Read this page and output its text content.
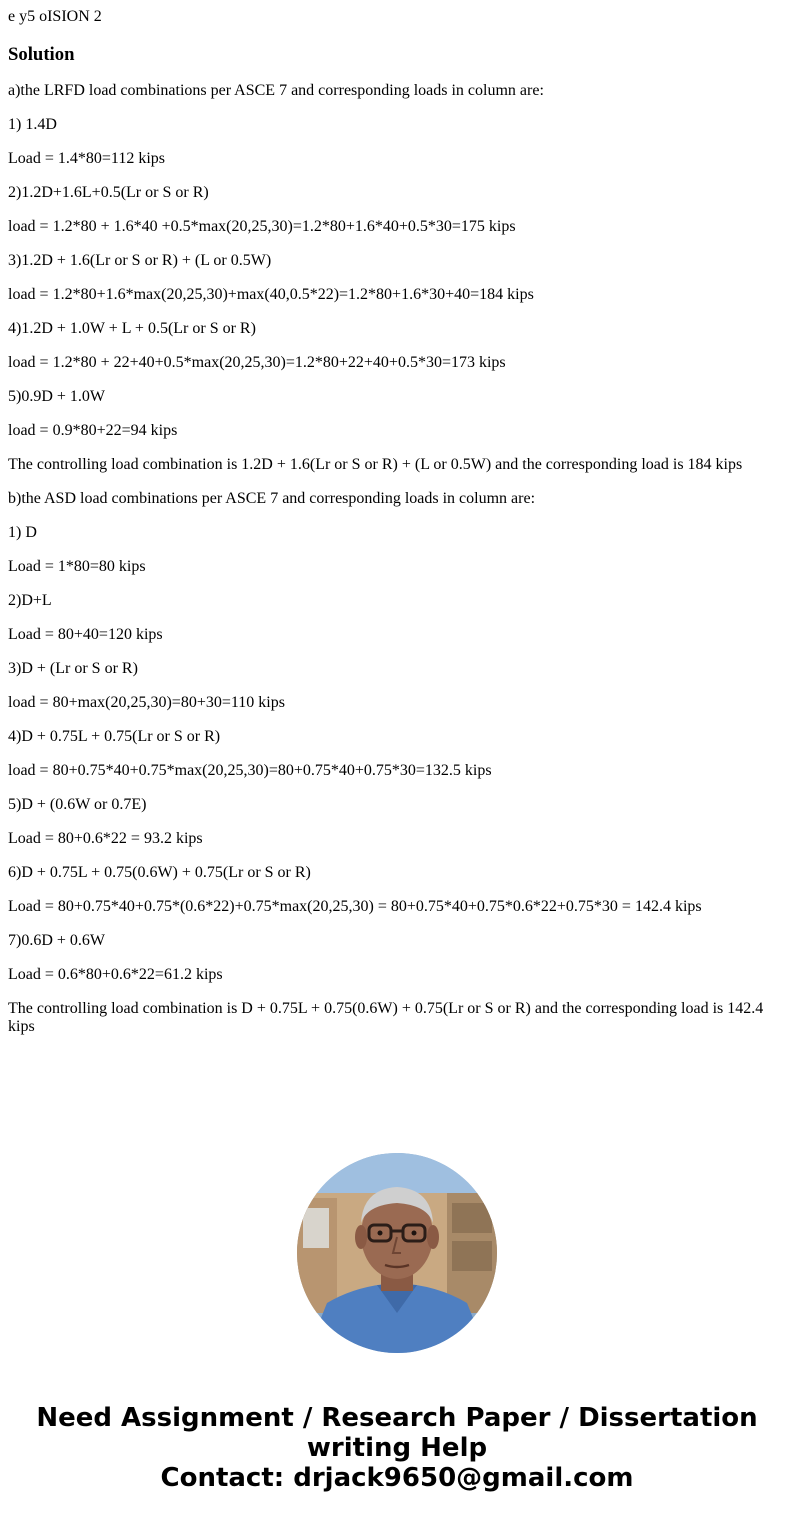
e y5 oISION 2

Solution

a)the LRFD load combinations per ASCE 7 and corresponding loads in column are:

1) 1.4D

Load = 1.4*80=112 kips

2)1.2D+1.6L+0.5(Lr or S or R)

load = 1.2*80 + 1.6*40 +0.5*max(20,25,30)=1.2*80+1.6*40+0.5*30=175 kips

3)1.2D + 1.6(Lr or S or R) + (L or 0.5W)

load = 1.2*80+1.6*max(20,25,30)+max(40,0.5*22)=1.2*80+1.6*30+40=184 kips

4)1.2D + 1.0W + L + 0.5(Lr or S or R)

load = 1.2*80 + 22+40+0.5*max(20,25,30)=1.2*80+22+40+0.5*30=173 kips

5)0.9D + 1.0W

load = 0.9*80+22=94 kips

The controlling load combination is 1.2D + 1.6(Lr or S or R) + (L or 0.5W) and the corresponding load is 184 kips

b)the ASD load combinations per ASCE 7 and corresponding loads in column are:

1) D

Load = 1*80=80 kips

2)D+L

Load = 80+40=120 kips

3)D + (Lr or S or R)

load = 80+max(20,25,30)=80+30=110 kips

4)D + 0.75L + 0.75(Lr or S or R)

load = 80+0.75*40+0.75*max(20,25,30)=80+0.75*40+0.75*30=132.5 kips

5)D + (0.6W or 0.7E)

Load = 80+0.6*22 = 93.2 kips

6)D + 0.75L + 0.75(0.6W) + 0.75(Lr or S or R)

Load = 80+0.75*40+0.75*(0.6*22)+0.75*max(20,25,30) = 80+0.75*40+0.75*0.6*22+0.75*30 = 142.4 kips

7)0.6D + 0.6W

Load = 0.6*80+0.6*22=61.2 kips

The controlling load combination is D + 0.75L + 0.75(0.6W) + 0.75(Lr or S or R) and the corresponding load is 142.4 kips

Need Assignment / Research Paper / Dissertation
writing Help
Contact: drjack9650@gmail.com
